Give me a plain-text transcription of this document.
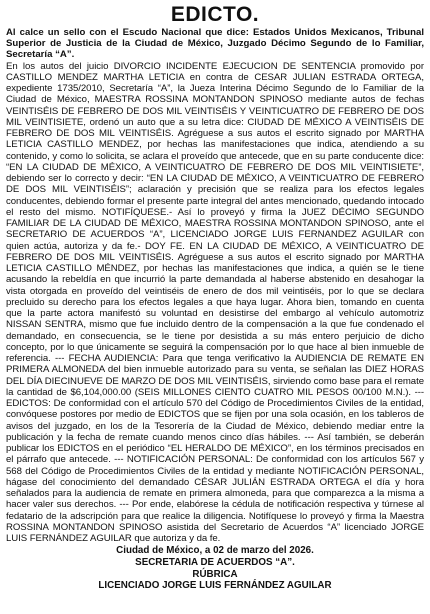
EDICTO.

Al calce un sello con el Escudo Nacional que dice: Estados Unidos Mexicanos, Tribunal Superior de Justicia de la Ciudad de México, Juzgado Décimo Segundo de lo Familiar, Secretaría “A”.

En los autos del juicio DIVORCIO INCIDENTE EJECUCION DE SENTENCIA promovido por CASTILLO MENDEZ MARTHA LETICIA en contra de CESAR JULIAN ESTRADA ORTEGA, expediente 1735/2010, Secretaría “A”, la Jueza Interina Décimo Segundo de lo Familiar de la Ciudad de México, MAESTRA ROSSINA MONTANDON SPINOSO mediante autos de fechas VEINTISÉIS DE FEBRERO DE DOS MIL VEINTISÉIS Y VEINTICUATRO DE FEBRERO DE DOS MIL VEINTISIETE, ordenó un auto que a su letra dice: CIUDAD DE MÉXICO A VEINTISÉIS DE FEBRERO DE DOS MIL VEINTISÉIS. Agréguese a sus autos el escrito signado por MARTHA LETICIA CASTILLO MENDEZ, por hechas las manifestaciones que indica, atendiendo a su contenido, y como lo solicita, se aclara el proveído que antecede, que en su parte conducente dice: “EN LA CIUDAD DE MÉXICO, A VEINTICUATRO DE FEBRERO DE DOS MIL VEINTISIETE”, debiendo ser lo correcto y decir: “EN LA CIUDAD DE MÉXICO, A VEINTICUATRO DE FEBRERO DE DOS MIL VEINTISÉIS”; aclaración y precisión que se realiza para los efectos legales conducentes, debiendo formar el presente parte integral del antes mencionado, quedando intocado el resto del mismo. NOTIFÍQUESE.- Así lo proveyó y firma la JUEZ DÉCIMO SEGUNDO FAMILIAR DE LA CIUDAD DE MÉXICO, MAESTRA ROSSINA MONTANDON SPINOSO, ante el SECRETARIO DE ACUERDOS “A”, LICENCIADO JORGE LUIS FERNANDEZ AGUILAR con quien actúa, autoriza y da fe.- DOY FE. EN LA CIUDAD DE MÉXICO, A VEINTICUATRO DE FEBRERO DE DOS MIL VEINTISÉIS. Agréguese a sus autos el escrito signado por MARTHA LETICIA CASTILLO MÉNDEZ, por hechas las manifestaciones que indica, a quién se le tiene acusando la rebeldía en que incurrió la parte demandada al haberse abstenido en desahogar la vista otorgada en proveído del veintiséis de enero de dos mil veintiséis, por lo que se declara precluido su derecho para los efectos legales a que haya lugar. Ahora bien, tomando en cuenta que la parte actora manifestó su voluntad en desistirse del embargo al vehículo automotriz NISSAN SENTRA, mismo que fue incluido dentro de la compensación a la que fue condenado el demandado, en consecuencia, se le tiene por desistida a su más entero perjuicio de dicho concepto, por lo que únicamente se seguirá la compensación por lo que hace al bien inmueble de referencia. --- FECHA AUDIENCIA: Para que tenga verificativo la AUDIENCIA DE REMATE EN PRIMERA ALMONEDA del bien inmueble autorizado para su venta, se señalan las DIEZ HORAS DEL DÍA DIECINUEVE DE MARZO DE DOS MIL VEINTISÉIS, sirviendo como base para el remate la cantidad de $6,104,000.00 (SEIS MILLONES CIENTO CUATRO MIL PESOS 00/100 M.N.). --- EDICTOS: De conformidad con el artículo 570 del Código de Procedimientos Civiles de la entidad, convóquese postores por medio de EDICTOS que se fijen por una sola ocasión, en los tableros de avisos del juzgado, en los de la Tesorería de la Ciudad de México, debiendo mediar entre la publicación y la fecha de remate cuando menos cinco días hábiles. --- Así también, se deberán publicar los EDICTOS en el periódico “EL HERALDO DE MÉXICO”, en los términos precisados en el párrafo que antecede. --- NOTIFICACIÓN PERSONAL: De conformidad con los artículos 567 y 568 del Código de Procedimientos Civiles de la entidad y mediante NOTIFICACIÓN PERSONAL, hágase del conocimiento del demandado CÉSAR JULIÁN ESTRADA ORTEGA el día y hora señalados para la audiencia de remate en primera almoneda, para que comparezca a la misma a hacer valer sus derechos. --- Por ende, elabórese la cédula de notificación respectiva y túrnese al fedatario de la adscripción para que realice la diligencia. Notifíquese lo proveyó y firma la Maestra ROSSINA MONTANDON SPINOSO asistida del Secretario de Acuerdos “A” licenciado JORGE LUIS FERNÁNDEZ AGUILAR que autoriza y da fe.

Ciudad de México, a 02 de marzo del 2026.
SECRETARIA DE ACUERDOS “A”.
RÚBRICA
LICENCIADO JORGE LUIS FERNÁNDEZ AGUILAR
